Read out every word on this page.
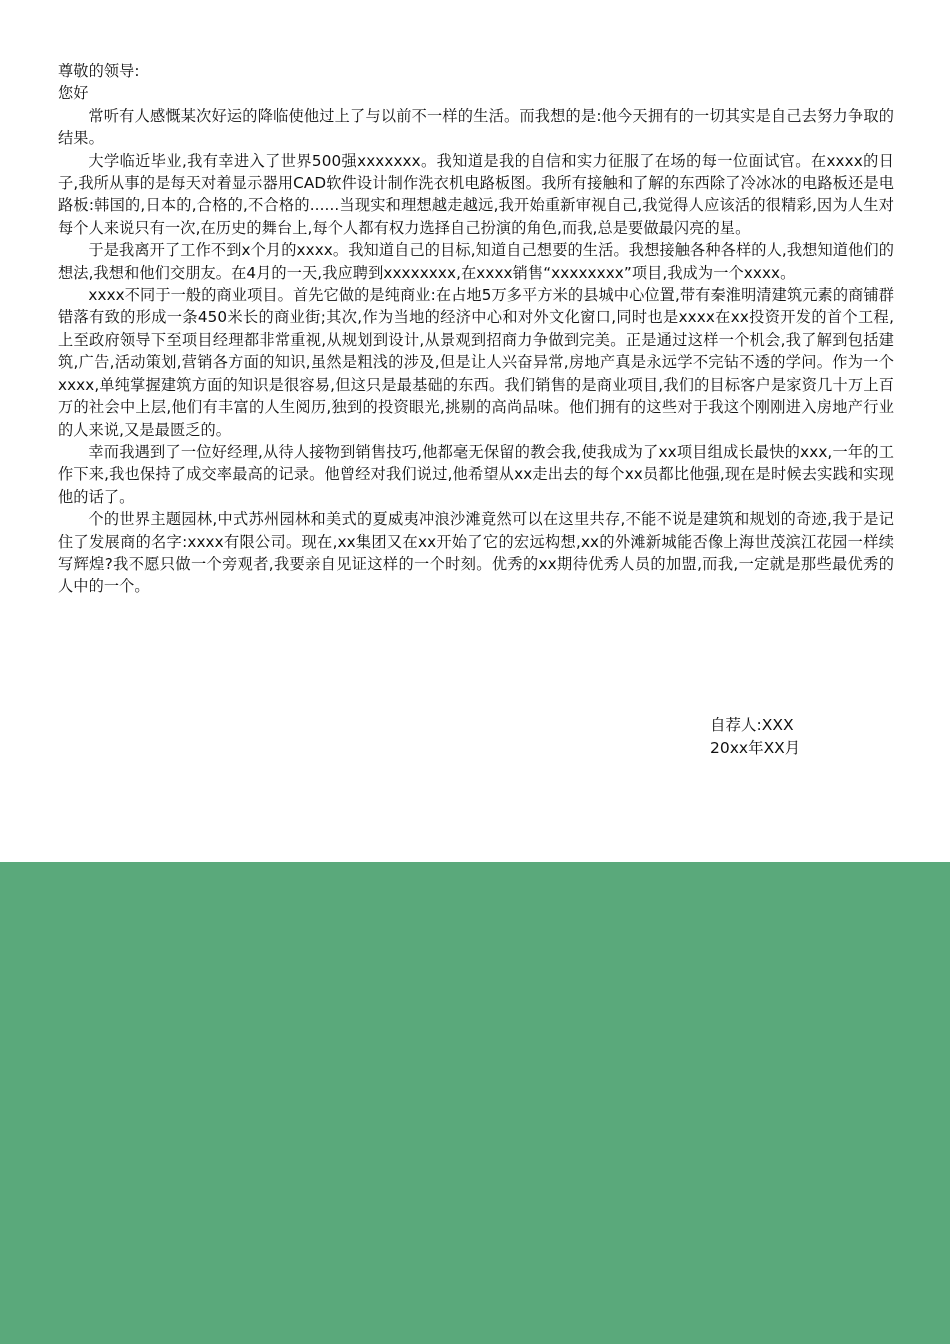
尊敬的领导:

您好

常听有人感慨某次好运的降临使他过上了与以前不一样的生活。而我想的是:他今天拥有的一切其实是自己去努力争取的结果。

大学临近毕业,我有幸进入了世界500强xxxxxxx。我知道是我的自信和实力征服了在场的每一位面试官。在xxxx的日子,我所从事的是每天对着显示器用CAD软件设计制作洗衣机电路板图。我所有接触和了解的东西除了冷冰冰的电路板还是电路板:韩国的,日本的,合格的,不合格的......当现实和理想越走越远,我开始重新审视自己,我觉得人应该活的很精彩,因为人生对每个人来说只有一次,在历史的舞台上,每个人都有权力选择自己扮演的角色,而我,总是要做最闪亮的星。

于是我离开了工作不到x个月的xxxx。我知道自己的目标,知道自己想要的生活。我想接触各种各样的人,我想知道他们的想法,我想和他们交朋友。在4月的一天,我应聘到xxxxxxxx,在xxxx销售“xxxxxxxx”项目,我成为一个xxxx。

xxxx不同于一般的商业项目。首先它做的是纯商业:在占地5万多平方米的县城中心位置,带有秦淮明清建筑元素的商铺群错落有致的形成一条450米长的商业街;其次,作为当地的经济中心和对外文化窗口,同时也是xxxx在xx投资开发的首个工程,上至政府领导下至项目经理都非常重视,从规划到设计,从景观到招商力争做到完美。正是通过这样一个机会,我了解到包括建筑,广告,活动策划,营销各方面的知识,虽然是粗浅的涉及,但是让人兴奋异常,房地产真是永远学不完钻不透的学问。作为一个xxxx,单纯掌握建筑方面的知识是很容易,但这只是最基础的东西。我们销售的是商业项目,我们的目标客户是家资几十万上百万的社会中上层,他们有丰富的人生阅历,独到的投资眼光,挑剔的高尚品味。他们拥有的这些对于我这个刚刚进入房地产行业的人来说,又是最匮乏的。

幸而我遇到了一位好经理,从待人接物到销售技巧,他都毫无保留的教会我,使我成为了xx项目组成长最快的xxx,一年的工作下来,我也保持了成交率最高的记录。他曾经对我们说过,他希望从xx走出去的每个xx员都比他强,现在是时候去实践和实现他的话了。

个的世界主题园林,中式苏州园林和美式的夏威夷冲浪沙滩竟然可以在这里共存,不能不说是建筑和规划的奇迹,我于是记住了发展商的名字:xxxx有限公司。现在,xx集团又在xx开始了它的宏远构想,xx的外滩新城能否像上海世茂滨江花园一样续写辉煌?我不愿只做一个旁观者,我要亲自见证这样的一个时刻。优秀的xx期待优秀人员的加盟,而我,一定就是那些最优秀的人中的一个。

自荐人:XXX
20xx年XX月
